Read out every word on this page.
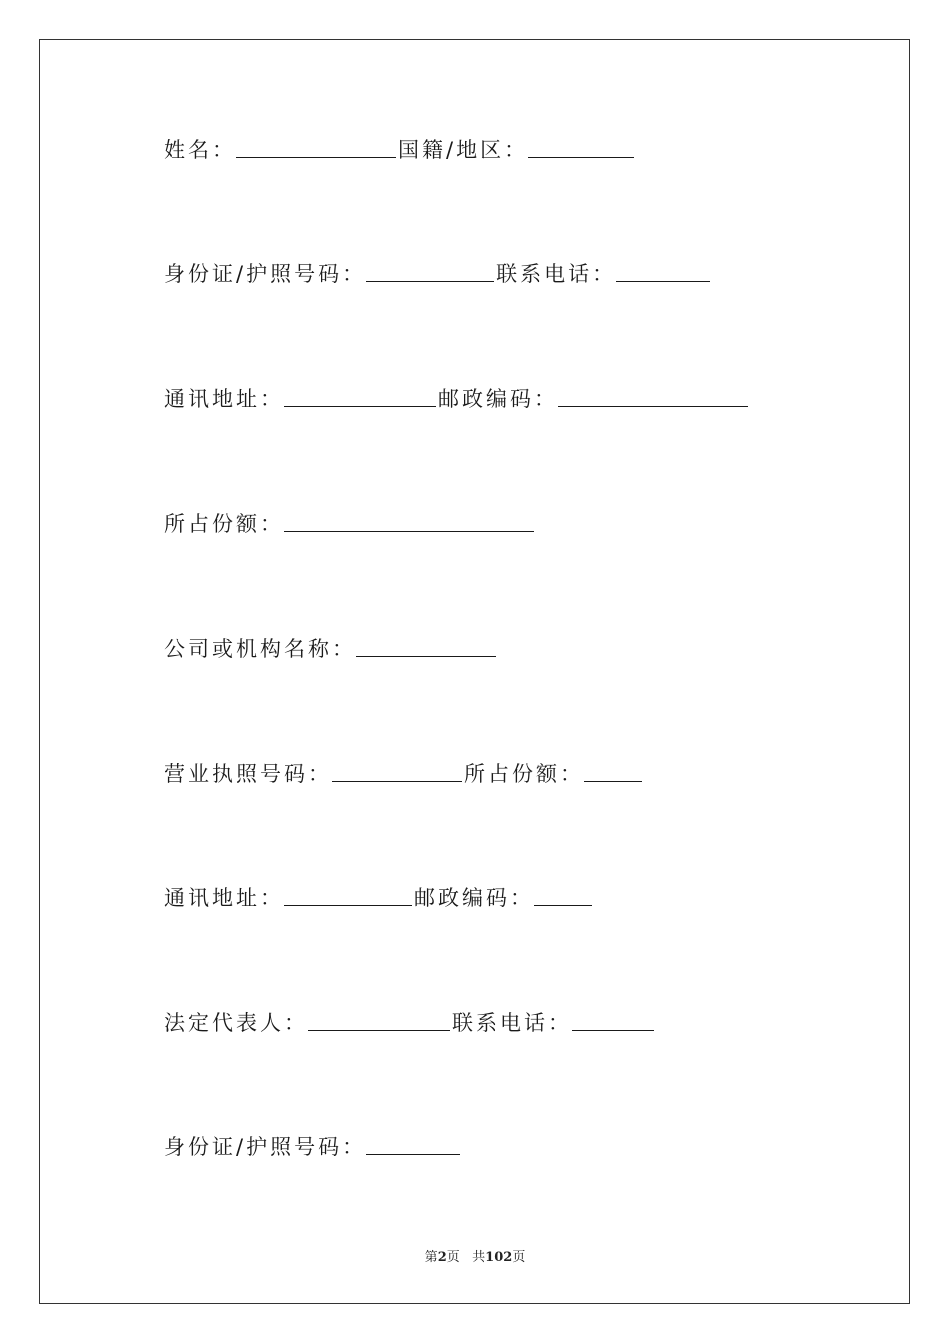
姓名：	国籍/地区：
身份证/护照号码：	联系电话：
通讯地址：	邮政编码：
所占份额：
公司或机构名称：
营业执照号码：	所占份额：
通讯地址：	邮政编码：
法定代表人：	联系电话：
身份证/护照号码：
第2页 共102页
